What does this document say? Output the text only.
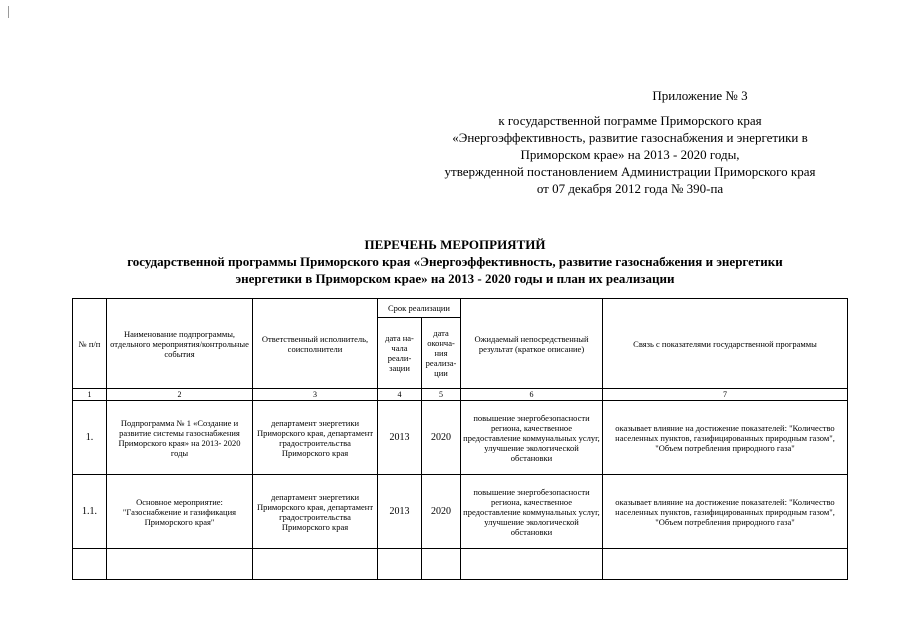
Приложение № 3
к государственной пограмме Приморского края
«Энергоэффективность, развитие газоснабжения и энергетики в
Приморском крае» на 2013 - 2020 годы,
утвержденной постановлением Администрации Приморского края
от 07 декабря 2012 года № 390-па
ПЕРЕЧЕНЬ МЕРОПРИЯТИЙ
государственной программы Приморского края «Энергоэффективность, развитие газоснабжения и энергетики
энергетики в Приморском крае» на 2013 - 2020 годы и план их реализации
№ п/п	Наименование подпрограммы, отдельного мероприятия/контрольные события	Ответственный исполнитель, соисполнители	Срок реализации		Ожидаемый непосредственный результат (краткое описание)	Связь с показателями государственной программы
			дата на-чала реали-зации	дата оконча-ния реализа-ции		
1	2	3	4	5	6	7
1.	Подпрограмма № 1 «Создание и развитие системы газоснабжения Приморского края» на 2013- 2020 годы	департамент энергетики Приморского края, департамент градостроительства Приморского края	2013	2020	повышение энергобезопасности региона, качественное предоставление коммунальных услуг, улучшение экологической обстановки	оказывает влияние на достижение показателей: "Количество населенных пунктов, газифицированных природным газом", "Объем потребления природного газа"
1.1.	Основное мероприятие: "Газоснабжение и газификация Приморского края"	департамент энергетики Приморского края, департамент градостроительства Приморского края	2013	2020	повышение энергобезопасности региона, качественное предоставление коммунальных услуг, улучшение экологической обстановки	оказывает влияние на достижение показателей: "Количество населенных пунктов, газифицированных природным газом", "Объем потребления природного газа"
